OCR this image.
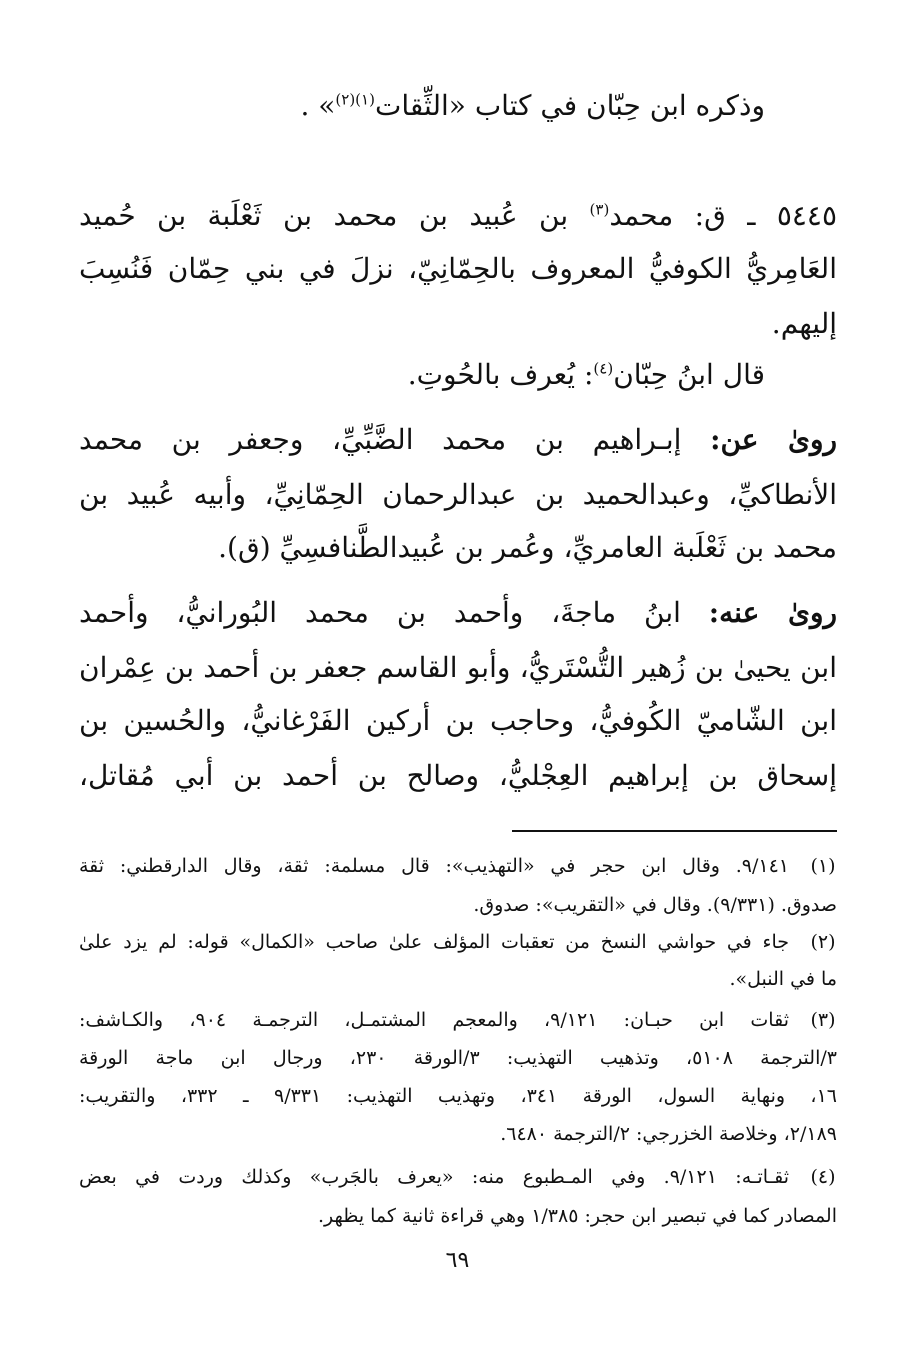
وذكره ابن حِبّان في كتاب «الثِّقات$^{(١)(٢)}$» .
٥٤٤٥ ـ ق: محمد$^{(٣)}$ بن عُبيد بن محمد بن ثَعْلَبة بن حُميد
العَامِريُّ الكوفيُّ المعروف بالحِمّانِيّ، نزلَ في بني حِمّان فَنُسِبَ
إليهم.
قال ابنُ حِبّان$^{(٤)}$: يُعرف بالحُوتِ.
روىٰ عن: إبـراهيم بن محمد الضَّبِّيِّ، وجعفر بن محمد
الأنطاكيِّ، وعبدالحميد بن عبدالرحمان الحِمّانِيِّ، وأبيه عُبيد بن
محمد بن ثَعْلَبة العامريِّ، وعُمر بن عُبيدالطَّنافسِيِّ (ق).
روىٰ عنه: ابنُ ماجةَ، وأحمد بن محمد البُورانيُّ، وأحمد
ابن يحيىٰ بن زُهير التُّسْتَريُّ، وأبو القاسم جعفر بن أحمد بن عِمْران
ابن الشّاميّ الكُوفيُّ، وحاجب بن أركين الفَرْغانيُّ، والحُسين بن
إسحاق بن إبراهيم العِجْليُّ، وصالح بن أحمد بن أبي مُقاتل،
(١)
٩/١٤١. وقال ابن حجر في «التهذيب»: قال مسلمة: ثقة، وقال الدارقطني: ثقة
صدوق. (٩/٣٣١). وقال في «التقريب»: صدوق.
(٢)
جاء في حواشي النسخ من تعقبات المؤلف علىٰ صاحب «الكمال» قوله: لم يزد علىٰ
ما في النبل».
(٣)
ثقات ابن حبـان: ٩/١٢١، والمعجم المشتمـل، الترجمـة ٩٠٤، والكـاشف:
٣/الترجمة ٥١٠٨، وتذهيب التهذيب: ٣/الورقة ٢٣٠، ورجال ابن ماجة الورقة
١٦، ونهاية السول، الورقة ٣٤١، وتهذيب التهذيب: ٩/٣٣١ ـ ٣٣٢، والتقريب:
٢/١٨٩، وخلاصة الخزرجي: ٢/الترجمة ٦٤٨٠.
(٤)
ثقـاتـه: ٩/١٢١. وفي المـطبوع منه: «يعرف بالجَرب» وكذلك وردت في بعض
المصادر كما في تبصير ابن حجر: ١/٣٨٥ وهي قراءة ثانية كما يظهر.
٦٩
